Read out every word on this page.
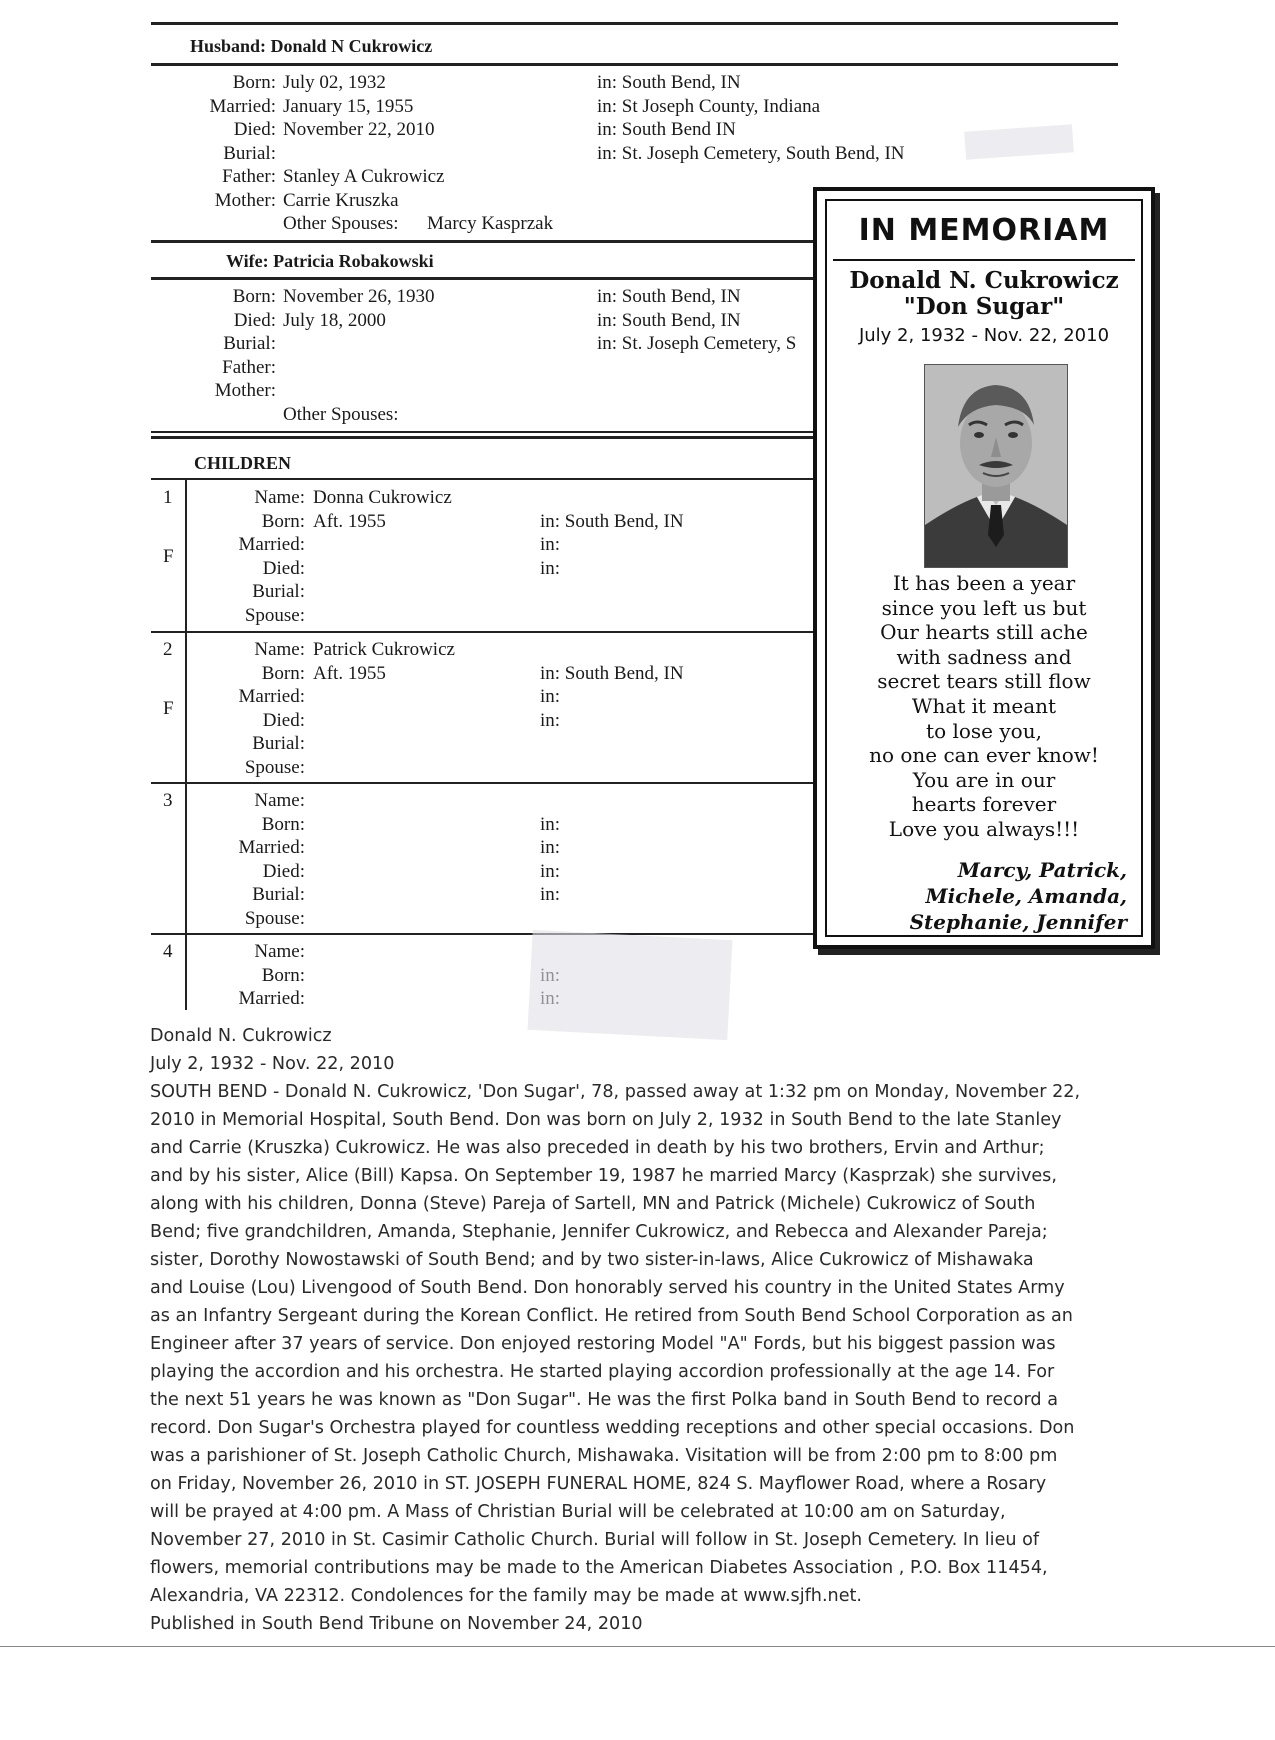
Husband: Donald N Cukrowicz
Born: July 02, 1932	in: South Bend, IN
Married: January 15, 1955	in: St Joseph County, Indiana
Died: November 22, 2010	in: South Bend IN
Burial:	in: St. Joseph Cemetery, South Bend, IN
Father: Stanley A Cukrowicz
Mother: Carrie Kruszka
Other Spouses: Marcy Kasprzak
Wife: Patricia Robakowski
Born: November 26, 1930	in: South Bend, IN
Died: July 18, 2000	in: South Bend, IN
Burial:	in: St. Joseph Cemetery, S
Father:
Mother:
Other Spouses:
CHILDREN
1
F
Name: Donna Cukrowicz
Born: Aft. 1955	in: South Bend, IN
Married:	in:
Died:	in:
Burial:
Spouse:
2
F
Name: Patrick Cukrowicz
Born: Aft. 1955	in: South Bend, IN
Married:	in:
Died:	in:
Burial:
Spouse:
3	Name:
Born:	in:
Married:	in:
Died:	in:
Burial:	in:
Spouse:
4	Name:
Born:
Married:
IN MEMORIAM
Donald N. Cukrowicz
"Don Sugar"
July 2, 1932 - Nov. 22, 2010
It has been a year
since you left us but
Our hearts still ache
with sadness and
secret tears still flow
What it meant
to lose you,
no one can ever know!
You are in our
hearts forever
Love you always!!!
Marcy, Patrick,
Michele, Amanda,
Stephanie, Jennifer
Donald N. Cukrowicz
July 2, 1932 - Nov. 22, 2010
SOUTH BEND - Donald N. Cukrowicz, 'Don Sugar', 78, passed away at 1:32 pm on Monday, November 22,
2010 in Memorial Hospital, South Bend. Don was born on July 2, 1932 in South Bend to the late Stanley
and Carrie (Kruszka) Cukrowicz. He was also preceded in death by his two brothers, Ervin and Arthur;
and by his sister, Alice (Bill) Kapsa. On September 19, 1987 he married Marcy (Kasprzak) she survives,
along with his children, Donna (Steve) Pareja of Sartell, MN and Patrick (Michele) Cukrowicz of South
Bend; five grandchildren, Amanda, Stephanie, Jennifer Cukrowicz, and Rebecca and Alexander Pareja;
sister, Dorothy Nowostawski of South Bend; and by two sister-in-laws, Alice Cukrowicz of Mishawaka
and Louise (Lou) Livengood of South Bend. Don honorably served his country in the United States Army
as an Infantry Sergeant during the Korean Conflict. He retired from South Bend School Corporation as an
Engineer after 37 years of service. Don enjoyed restoring Model "A" Fords, but his biggest passion was
playing the accordion and his orchestra. He started playing accordion professionally at the age 14. For
the next 51 years he was known as "Don Sugar". He was the first Polka band in South Bend to record a
record. Don Sugar's Orchestra played for countless wedding receptions and other special occasions. Don
was a parishioner of St. Joseph Catholic Church, Mishawaka. Visitation will be from 2:00 pm to 8:00 pm
on Friday, November 26, 2010 in ST. JOSEPH FUNERAL HOME, 824 S. Mayflower Road, where a Rosary
will be prayed at 4:00 pm. A Mass of Christian Burial will be celebrated at 10:00 am on Saturday,
November 27, 2010 in St. Casimir Catholic Church. Burial will follow in St. Joseph Cemetery. In lieu of
flowers, memorial contributions may be made to the American Diabetes Association , P.O. Box 11454,
Alexandria, VA 22312. Condolences for the family may be made at www.sjfh.net.
Published in South Bend Tribune on November 24, 2010
